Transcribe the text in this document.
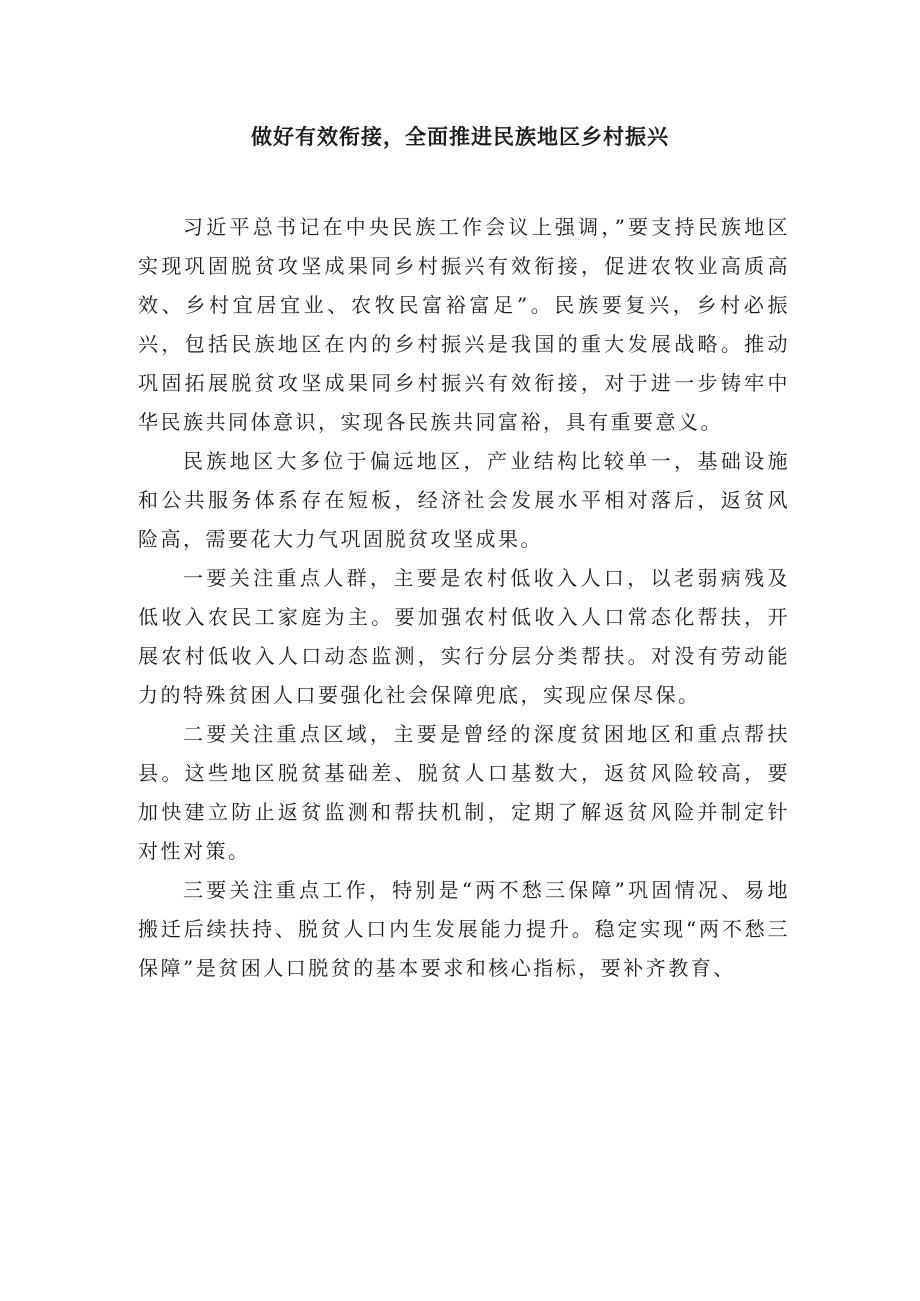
做好有效衔接，全面推进民族地区乡村振兴

习近平总书记在中央民族工作会议上强调，”要支持民族地区实现巩固脱贫攻坚成果同乡村振兴有效衔接，促进农牧业高质高效、乡村宜居宜业、农牧民富裕富足”。民族要复兴，乡村必振兴，包括民族地区在内的乡村振兴是我国的重大发展战略。推动巩固拓展脱贫攻坚成果同乡村振兴有效衔接，对于进一步铸牢中华民族共同体意识，实现各民族共同富裕，具有重要意义。

民族地区大多位于偏远地区，产业结构比较单一，基础设施和公共服务体系存在短板，经济社会发展水平相对落后，返贫风险高，需要花大力气巩固脱贫攻坚成果。

一要关注重点人群，主要是农村低收入人口，以老弱病残及低收入农民工家庭为主。要加强农村低收入人口常态化帮扶，开展农村低收入人口动态监测，实行分层分类帮扶。对没有劳动能力的特殊贫困人口要强化社会保障兜底，实现应保尽保。

二要关注重点区域，主要是曾经的深度贫困地区和重点帮扶县。这些地区脱贫基础差、脱贫人口基数大，返贫风险较高，要加快建立防止返贫监测和帮扶机制，定期了解返贫风险并制定针对性对策。

三要关注重点工作，特别是“两不愁三保障”巩固情况、易地搬迁后续扶持、脱贫人口内生发展能力提升。稳定实现“两不愁三保障”是贫困人口脱贫的基本要求和核心指标，要补齐教育、
